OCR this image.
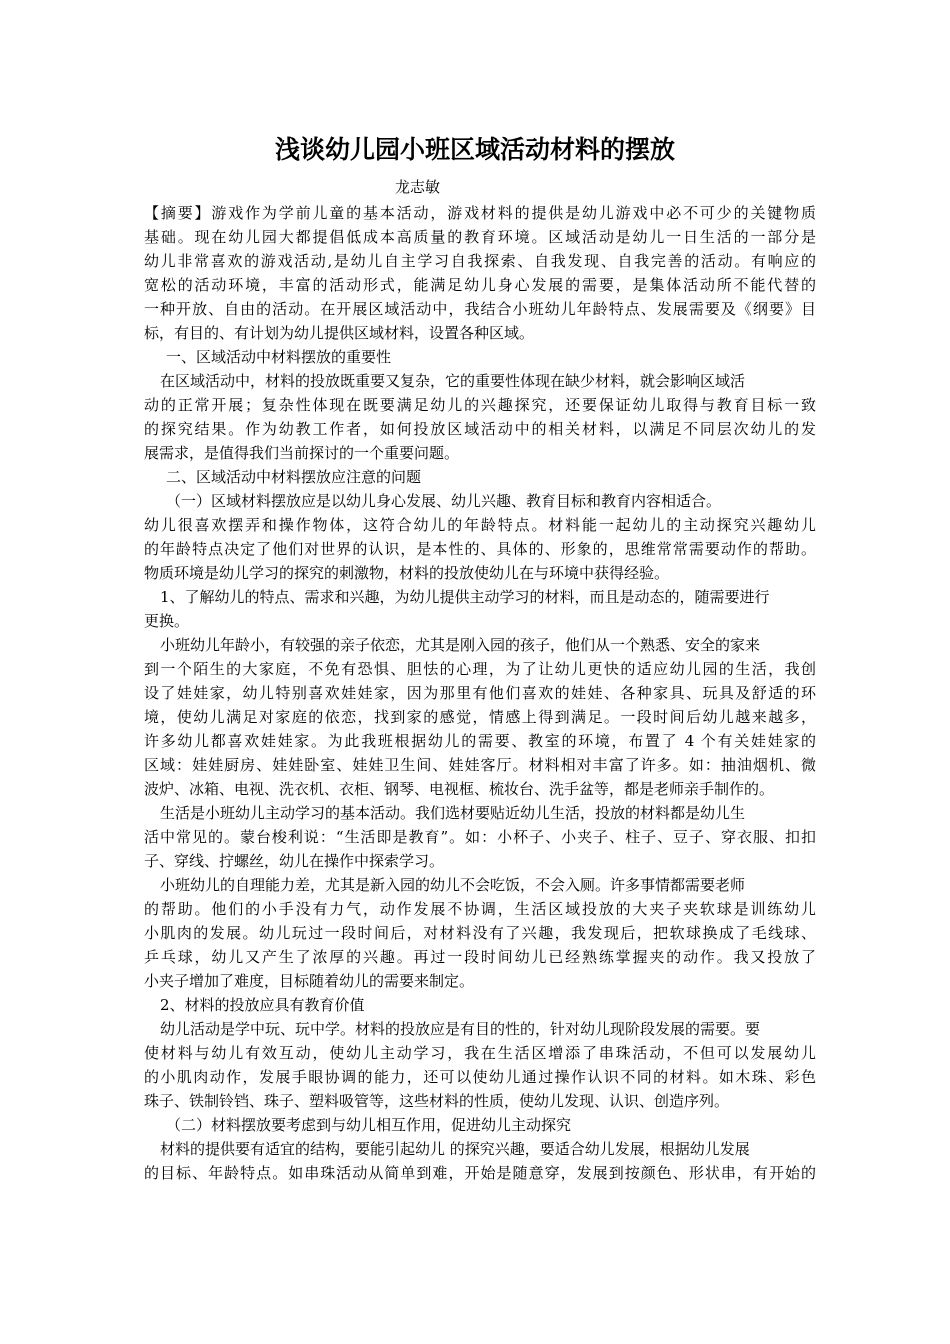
浅谈幼儿园小班区域活动材料的摆放
龙志敏
【摘要】游戏作为学前儿童的基本活动，游戏材料的提供是幼儿游戏中必不可少的关键物质
基础。现在幼儿园大都提倡低成本高质量的教育环境。区域活动是幼儿一日生活的一部分是
幼儿非常喜欢的游戏活动,是幼儿自主学习自我探索、自我发现、自我完善的活动。有响应的
宽松的活动环境，丰富的活动形式，能满足幼儿身心发展的需要，是集体活动所不能代替的
一种开放、自由的活动。在开展区域活动中，我结合小班幼儿年龄特点、发展需要及《纲要》目
标，有目的、有计划为幼儿提供区域材料，设置各种区域。
一、区域活动中材料摆放的重要性
在区域活动中，材料的投放既重要又复杂，它的重要性体现在缺少材料，就会影响区域活
动的正常开展；复杂性体现在既要满足幼儿的兴趣探究，还要保证幼儿取得与教育目标一致
的探究结果。作为幼教工作者，如何投放区域活动中的相关材料，以满足不同层次幼儿的发
展需求，是值得我们当前探讨的一个重要问题。
二、区域活动中材料摆放应注意的问题
（一）区域材料摆放应是以幼儿身心发展、幼儿兴趣、教育目标和教育内容相适合。
幼儿很喜欢摆弄和操作物体，这符合幼儿的年龄特点。材料能一起幼儿的主动探究兴趣幼儿
的年龄特点决定了他们对世界的认识，是本性的、具体的、形象的，思维常常需要动作的帮助。
物质环境是幼儿学习的探究的刺激物，材料的投放使幼儿在与环境中获得经验。
1、了解幼儿的特点、需求和兴趣，为幼儿提供主动学习的材料，而且是动态的，随需要进行
更换。
小班幼儿年龄小，有较强的亲子依恋，尤其是刚入园的孩子，他们从一个熟悉、安全的家来
到一个陌生的大家庭，不免有恐惧、胆怯的心理，为了让幼儿更快的适应幼儿园的生活，我创
设了娃娃家，幼儿特别喜欢娃娃家，因为那里有他们喜欢的娃娃、各种家具、玩具及舒适的环
境，使幼儿满足对家庭的依恋，找到家的感觉，情感上得到满足。一段时间后幼儿越来越多，
许多幼儿都喜欢娃娃家。为此我班根据幼儿的需要、教室的环境，布置了 4 个有关娃娃家的
区域：娃娃厨房、娃娃卧室、娃娃卫生间、娃娃客厅。材料相对丰富了许多。如：抽油烟机、微
波炉、冰箱、电视、洗衣机、衣柜、钢琴、电视框、梳妆台、洗手盆等，都是老师亲手制作的。
生活是小班幼儿主动学习的基本活动。我们选材要贴近幼儿生活，投放的材料都是幼儿生
活中常见的。蒙台梭利说：“生活即是教育”。如：小杯子、小夹子、柱子、豆子、穿衣服、扣扣
子、穿线、拧螺丝，幼儿在操作中探索学习。
小班幼儿的自理能力差，尤其是新入园的幼儿不会吃饭，不会入厕。许多事情都需要老师
的帮助。他们的小手没有力气，动作发展不协调，生活区域投放的大夹子夹软球是训练幼儿
小肌肉的发展。幼儿玩过一段时间后，对材料没有了兴趣，我发现后，把软球换成了毛线球、
乒乓球，幼儿又产生了浓厚的兴趣。再过一段时间幼儿已经熟练掌握夹的动作。我又投放了
小夹子增加了难度，目标随着幼儿的需要来制定。
2、材料的投放应具有教育价值
幼儿活动是学中玩、玩中学。材料的投放应是有目的性的，针对幼儿现阶段发展的需要。要
使材料与幼儿有效互动，使幼儿主动学习，我在生活区增添了串珠活动，不但可以发展幼儿
的小肌肉动作，发展手眼协调的能力，还可以使幼儿通过操作认识不同的材料。如木珠、彩色
珠子、铁制铃铛、珠子、塑料吸管等，这些材料的性质，使幼儿发现、认识、创造序列。
（二）材料摆放要考虑到与幼儿相互作用，促进幼儿主动探究
材料的提供要有适宜的结构，要能引起幼儿 的探究兴趣，要适合幼儿发展，根据幼儿发展
的目标、年龄特点。如串珠活动从简单到难，开始是随意穿，发展到按颜色、形状串，有开始的
